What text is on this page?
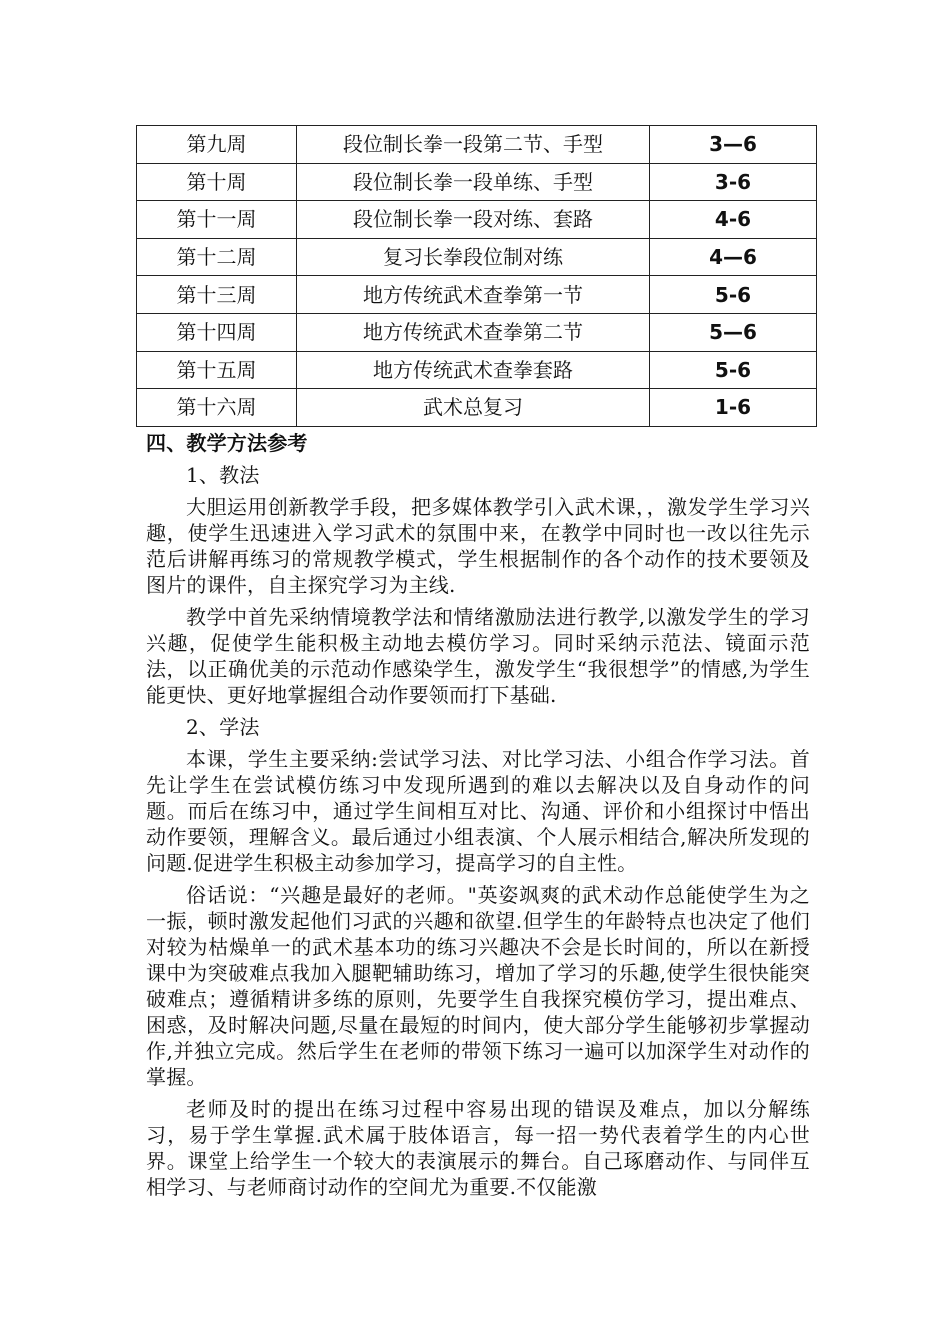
第九周	段位制长拳一段第二节、手型	3—6
第十周	段位制长拳一段单练、手型	3-6
第十一周	段位制长拳一段对练、套路	4-6
第十二周	复习长拳段位制对练	4—6
第十三周	地方传统武术查拳第一节	5-6
第十四周	地方传统武术查拳第二节	5—6
第十五周	地方传统武术查拳套路	5-6
第十六周	武术总复习	1-6
四、教学方法参考
1、教法

大胆运用创新教学手段，把多媒体教学引入武术课，，激发学生学习兴趣，使学生迅速进入学习武术的氛围中来，在教学中同时也一改以往先示范后讲解再练习的常规教学模式，学生根据制作的各个动作的技术要领及图片的课件，自主探究学习为主线.

教学中首先采纳情境教学法和情绪激励法进行教学,以激发学生的学习兴趣，促使学生能积极主动地去模仿学习。同时采纳示范法、镜面示范法，以正确优美的示范动作感染学生，激发学生“我很想学”的情感,为学生能更快、更好地掌握组合动作要领而打下基础.

2、学法

本课，学生主要采纳:尝试学习法、对比学习法、小组合作学习法。首先让学生在尝试模仿练习中发现所遇到的难以去解决以及自身动作的问题。而后在练习中，通过学生间相互对比、沟通、评价和小组探讨中悟出动作要领，理解含义。最后通过小组表演、个人展示相结合,解决所发现的问题.促进学生积极主动参加学习，提高学习的自主性。

俗话说：“兴趣是最好的老师。"英姿飒爽的武术动作总能使学生为之一振，顿时激发起他们习武的兴趣和欲望.但学生的年龄特点也决定了他们对较为枯燥单一的武术基本功的练习兴趣决不会是长时间的，所以在新授课中为突破难点我加入腿靶辅助练习，增加了学习的乐趣,使学生很快能突破难点；遵循精讲多练的原则，先要学生自我探究模仿学习，提出难点、困惑，及时解决问题,尽量在最短的时间内，使大部分学生能够初步掌握动作,并独立完成。然后学生在老师的带领下练习一遍可以加深学生对动作的掌握。

老师及时的提出在练习过程中容易出现的错误及难点，加以分解练习，易于学生掌握.武术属于肢体语言，每一招一势代表着学生的内心世界。课堂上给学生一个较大的表演展示的舞台。自己琢磨动作、与同伴互相学习、与老师商讨动作的空间尤为重要.不仅能激
